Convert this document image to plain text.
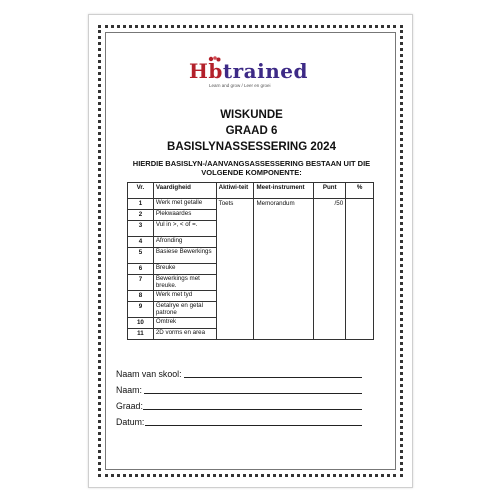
Hbtrained
Learn and grow / Leer en groei
WISKUNDE
GRAAD 6
BASISLYNASSESSERING 2024
HIERDIE BASISLYN-/AANVANGSASSESSERING BESTAAN UIT DIE VOLGENDE KOMPONENTE:
Vr.	Vaardigheid	Aktiwi-teit	Meet-instrument	Punt	%
1	Werk met getalle	Toets	Memorandum	/50	
2	Plekwaardes				
3	Vul in >, < of =.				
4	Afronding				
5	Basiese Bewerkings				
6	Breuke				
7	Bewerkings met breuke.				
8	Werk met tyd				
9	Getalrye en getal patrone				
10	Omtrek				
11	2D vorms en area				
Naam van skool:
Naam:
Graad:
Datum:
